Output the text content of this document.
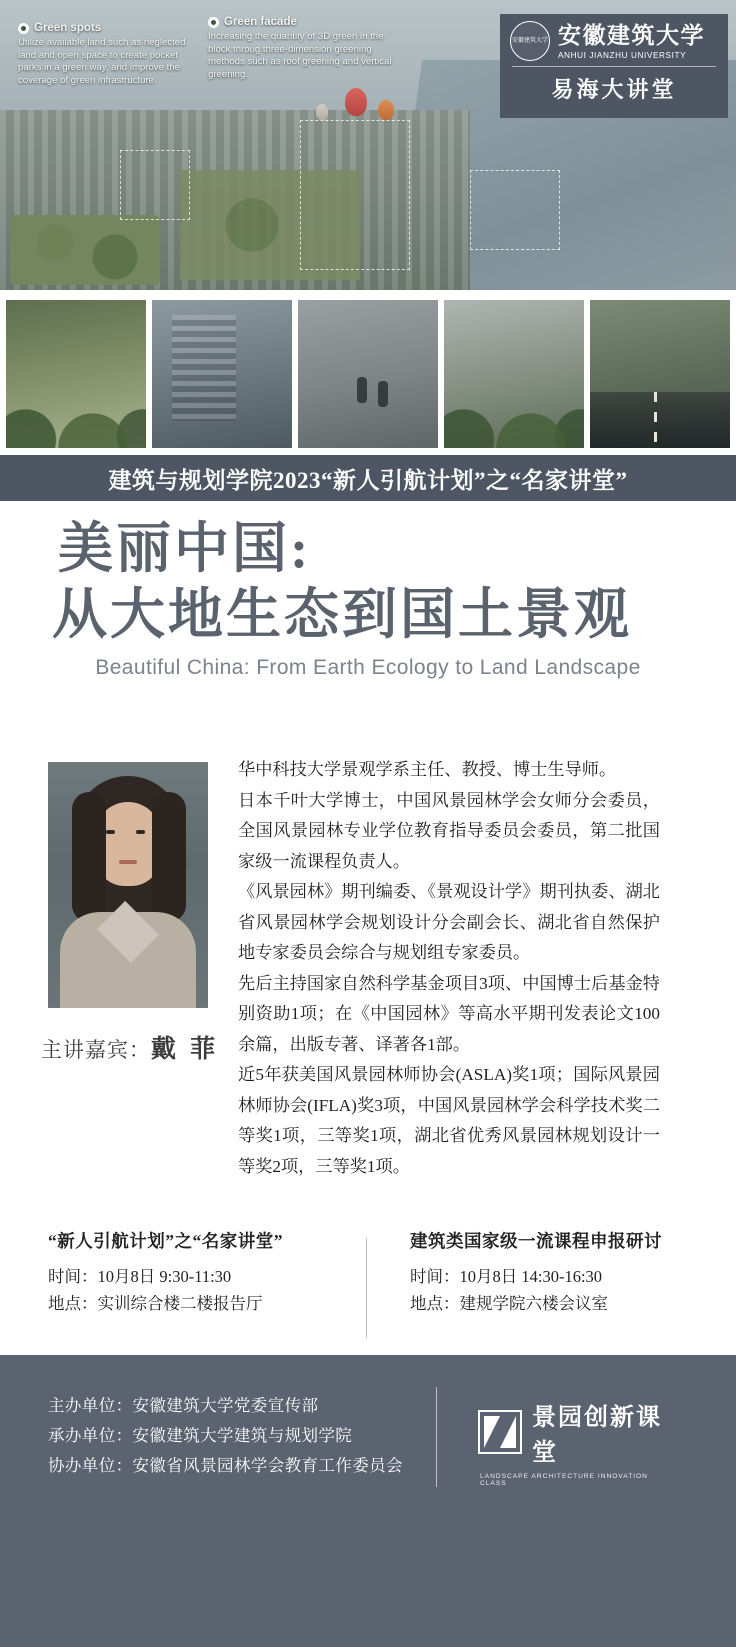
Green spots
Utilize available land such as neglected land and open space to create pocket parks in a green way, and improve the coverage of green infrastructure.
Green facade
Increasing the quantity of 3D green in the block throug three-dimension greening methods such as roof greening and vertical greening.
安徽建筑大学 安徽建筑大学
ANHUI JIANZHU UNIVERSITY
易海大讲堂
建筑与规划学院2023“新人引航计划”之“名家讲堂”
美丽中国:
从大地生态到国土景观
Beautiful China: From Earth Ecology to Land Landscape
主讲嘉宾：戴 菲

华中科技大学景观学系主任、教授、博士生导师。

日本千叶大学博士，中国风景园林学会女师分会委员，全国风景园林专业学位教育指导委员会委员，第二批国家级一流课程负责人。

《风景园林》期刊编委、《景观设计学》期刊执委、湖北省风景园林学会规划设计分会副会长、湖北省自然保护地专家委员会综合与规划组专家委员。

先后主持国家自然科学基金项目3项、中国博士后基金特别资助1项；在《中国园林》等高水平期刊发表论文100余篇，出版专著、译著各1部。

近5年获美国风景园林师协会(ASLA)奖1项；国际风景园林师协会(IFLA)奖3项，中国风景园林学会科学技术奖二等奖1项，三等奖1项，湖北省优秀风景园林规划设计一等奖2项，三等奖1项。

“新人引航计划”之“名家讲堂”
时间：10月8日 9:30-11:30
地点：实训综合楼二楼报告厅
建筑类国家级一流课程申报研讨
时间：10月8日 14:30-16:30
地点：建规学院六楼会议室
主办单位：安徽建筑大学党委宣传部
承办单位：安徽建筑大学建筑与规划学院
协办单位：安徽省风景园林学会教育工作委员会
景园创新课堂
LANDSCAPE ARCHITECTURE INNOVATION CLASS
